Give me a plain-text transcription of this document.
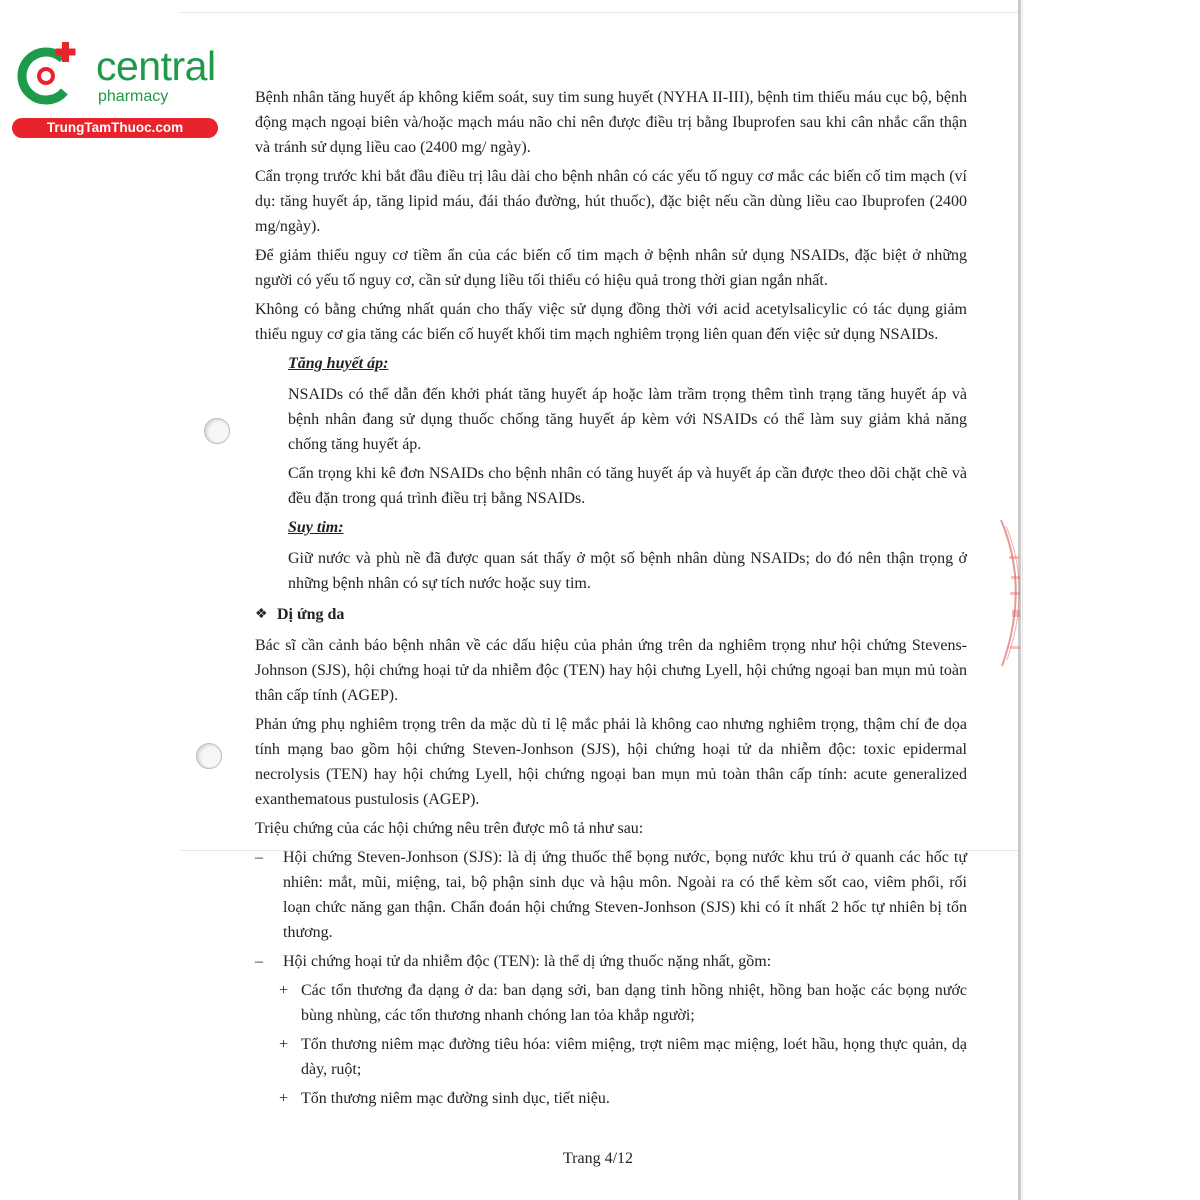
central
pharmacy
TrungTamThuoc.com

Bệnh nhân tăng huyết áp không kiểm soát, suy tim sung huyết (NYHA II-III), bệnh tim thiếu máu cục bộ, bệnh động mạch ngoại biên và/hoặc mạch máu não chỉ nên được điều trị bằng Ibuprofen sau khi cân nhắc cẩn thận và tránh sử dụng liều cao (2400 mg/ ngày).

Cẩn trọng trước khi bắt đầu điều trị lâu dài cho bệnh nhân có các yếu tố nguy cơ mắc các biến cố tim mạch (ví dụ: tăng huyết áp, tăng lipid máu, đái tháo đường, hút thuốc), đặc biệt nếu cần dùng liều cao Ibuprofen (2400 mg/ngày).

Để giảm thiểu nguy cơ tiềm ẩn của các biến cố tim mạch ở bệnh nhân sử dụng NSAIDs, đặc biệt ở những người có yếu tố nguy cơ, cần sử dụng liều tối thiểu có hiệu quả trong thời gian ngắn nhất.

Không có bằng chứng nhất quán cho thấy việc sử dụng đồng thời với acid acetylsalicylic có tác dụng giảm thiểu nguy cơ gia tăng các biến cố huyết khối tim mạch nghiêm trọng liên quan đến việc sử dụng NSAIDs.

Tăng huyết áp:

NSAIDs có thể dẫn đến khởi phát tăng huyết áp hoặc làm trầm trọng thêm tình trạng tăng huyết áp và bệnh nhân đang sử dụng thuốc chống tăng huyết áp kèm với NSAIDs có thể làm suy giảm khả năng chống tăng huyết áp.

Cẩn trọng khi kê đơn NSAIDs cho bệnh nhân có tăng huyết áp và huyết áp cần được theo dõi chặt chẽ và đều đặn trong quá trình điều trị bằng NSAIDs.

Suy tim:

Giữ nước và phù nề đã được quan sát thấy ở một số bệnh nhân dùng NSAIDs; do đó nên thận trọng ở những bệnh nhân có sự tích nước hoặc suy tim.

❖ Dị ứng da

Bác sĩ cần cảnh báo bệnh nhân về các dấu hiệu của phản ứng trên da nghiêm trọng như hội chứng Stevens-Johnson (SJS), hội chứng hoại tử da nhiễm độc (TEN) hay hội chưng Lyell, hội chứng ngoại ban mụn mủ toàn thân cấp tính (AGEP).

Phản ứng phụ nghiêm trọng trên da mặc dù tỉ lệ mắc phải là không cao nhưng nghiêm trọng, thậm chí đe dọa tính mạng bao gồm hội chứng Steven-Jonhson (SJS), hội chứng hoại tử da nhiễm độc: toxic epidermal necrolysis (TEN) hay hội chứng Lyell, hội chứng ngoại ban mụn mủ toàn thân cấp tính: acute generalized exanthematous pustulosis (AGEP).

Triệu chứng của các hội chứng nêu trên được mô tả như sau:

–	Hội chứng Steven-Jonhson (SJS): là dị ứng thuốc thể bọng nước, bọng nước khu trú ở quanh các hốc tự nhiên: mắt, mũi, miệng, tai, bộ phận sinh dục và hậu môn. Ngoài ra có thể kèm sốt cao, viêm phổi, rối loạn chức năng gan thận. Chẩn đoán hội chứng Steven-Jonhson (SJS) khi có ít nhất 2 hốc tự nhiên bị tổn thương.
–	Hội chứng hoại tử da nhiễm độc (TEN): là thể dị ứng thuốc nặng nhất, gồm:
+ Các tổn thương đa dạng ở da: ban dạng sởi, ban dạng tinh hồng nhiệt, hồng ban hoặc các bọng nước bùng nhùng, các tổn thương nhanh chóng lan tỏa khắp người;
+ Tổn thương niêm mạc đường tiêu hóa: viêm miệng, trợt niêm mạc miệng, loét hầu, họng thực quản, dạ dày, ruột;
+ Tổn thương niêm mạc đường sinh dục, tiết niệu.
Trang 4/12
